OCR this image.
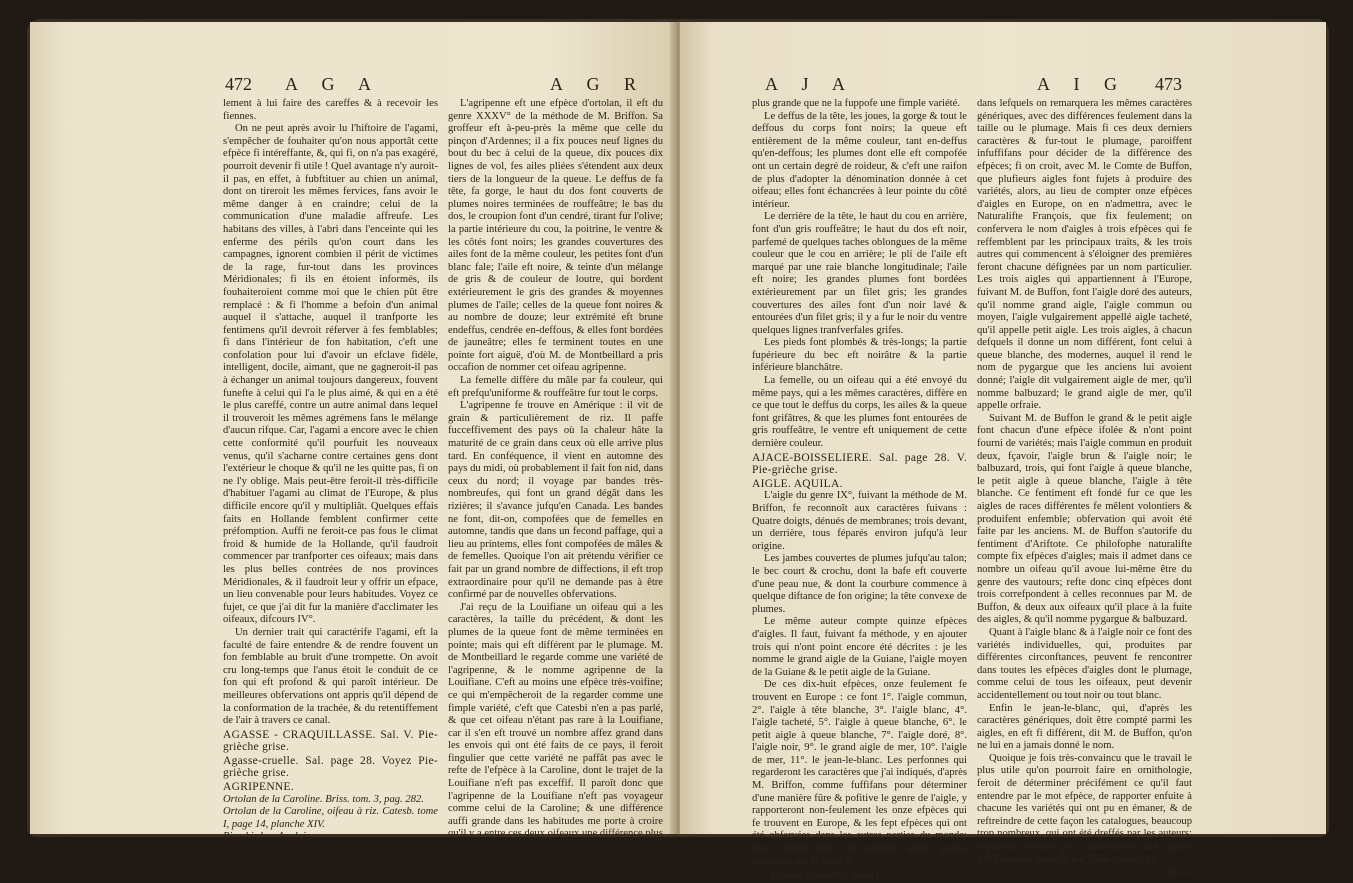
472 A G A	A G R

lement à lui faire des careffes & à recevoir les fiennes.

On ne peut après avoir lu l'hiftoire de l'agami, s'empêcher de fouhaiter qu'on nous apportât cette efpèce fi intéreffante, &, qui fi, on n'a pas exagéré, pourroit devenir fi utile ! Quel avantage n'y auroit-il pas, en effet, à fubftituer au chien un animal, dont on tireroit les mêmes fervices, fans avoir le même danger à en craindre; celui de la communication d'une maladie affreufe. Les habitans des villes, à l'abri dans l'enceinte qui les enferme des périls qu'on court dans les campagnes, ignorent combien il périt de victimes de la rage, fur-tout dans les provinces Méridionales; fi ils en étoient informés, ils fouhaiteroient comme moi que le chien pût être remplacé : & fi l'homme a befoin d'un animal auquel il s'attache, auquel il tranfporte les fentimens qu'il devroit réferver à fes femblables; fi dans l'intérieur de fon habitation, c'eft une confolation pour lui d'avoir un efclave fidèle, intelligent, docile, aimant, que ne gagneroit-il pas à échanger un animal toujours dangereux, fouvent funefte à celui qui l'a le plus aimé, & qui en a été le plus careffé, contre un autre animal dans lequel il trouveroit les mêmes agrémens fans le mélange d'aucun rifque. Car, l'agami a encore avec le chien cette conformité qu'il pourfuit les nouveaux venus, qu'il s'acharne contre certaines gens dont l'extérieur le choque & qu'il ne les quitte pas, fi on ne l'y oblige. Mais peut-être feroit-il très-difficile d'habituer l'agami au climat de l'Europe, & plus difficile encore qu'il y multipliât. Quelques effais faits en Hollande femblent confirmer cette préfomption. Auffi ne feroit-ce pas fous le climat froid & humide de la Hollande, qu'il faudroit commencer par tranfporter ces oifeaux; mais dans les plus belles contrées de nos provinces Méridionales, & il faudroit leur y offrir un efpace, un lieu convenable pour leurs habitudes. Voyez ce fujet, ce que j'ai dit fur la manière d'acclimater les oifeaux, difcours IV°.

Un dernier trait qui caractérife l'agami, eft la faculté de faire entendre & de rendre fouvent un fon femblable au bruit d'une trompette. On avoit cru long-temps que l'anus étoit le conduit de ce fon qui eft profond & qui paroît intérieur. De meilleures obfervations ont appris qu'il dépend de la conformation de la trachée, & du retentiffement de l'air à travers ce canal.

AGASSE - CRAQUILLASSE. Sal. V. Pie-grièche grise.

Agasse-cruelle. Sal. page 28. Voyez Pie-grièche grise.

AGRIPENNE.

Ortolan de la Caroline. Briss. tom. 3, pag. 282.

Ortolan de la Caroline, oifeau à riz. Catesb. tome I, page 14, planche XIV.

Rice-bird en Anglois.

L'agripenne eft une efpèce d'ortolan, il eft du genre XXXV° de la méthode de M. Briffon. Sa groffeur eft à-peu-près la même que celle du pinçon d'Ardennes; il a fix pouces neuf lignes du bout du bec à celui de la queue, dix pouces dix lignes de vol, fes ailes pliées s'étendent aux deux tiers de la longueur de la queue. Le deffus de fa tête, fa gorge, le haut du dos font couverts de plumes noires terminées de rouffeâtre; le bas du dos, le croupion font d'un cendré, tirant fur l'olive; la partie intérieure du cou, la poitrine, le ventre & les côtés font noirs; les grandes couvertures des ailes font de la même couleur, les petites font d'un blanc fale; l'aile eft noire, & teinte d'un mélange de gris & de couleur de loutre, qui bordent extérieurement le gris des grandes & moyennes plumes de l'aile; celles de la queue font noires & au nombre de douze; leur extrémité eft brune endeffus, cendrée en-deffous, & elles font bordées de jauneâtre; elles fe terminent toutes en une pointe fort aiguë, d'où M. de Montbeillard a pris occafion de nommer cet oifeau agripenne.

La femelle diffère du mâle par fa couleur, qui eft prefqu'uniforme & rouffeâtre fur tout le corps.

L'agripenne fe trouve en Amérique : il vit de grain & particulièrement de riz. Il paffe fucceffivement des pays où la chaleur hâte la maturité de ce grain dans ceux où elle arrive plus tard. En conféquence, il vient en automne des pays du midi, où probablement il fait fon nid, dans ceux du nord; il voyage par bandes très-nombreufes, qui font un grand dégât dans les rizières; il s'avance jufqu'en Canada. Les bandes ne font, dit-on, compofées que de femelles en automne, tandis que dans un fecond paffage, qui a lieu au printems, elles font compofées de mâles & de femelles. Quoique l'on ait prétendu vérifier ce fait par un grand nombre de diffections, il eft trop extraordinaire pour qu'il ne demande pas à être confirmé par de nouvelles obfervations.

J'ai reçu de la Louifiane un oifeau qui a les caractères, la taille du précédent, & dont les plumes de la queue font de même terminées en pointe; mais qui eft différent par le plumage. M. de Montbeillard le regarde comme une variété de l'agripenne, & le nomme agripenne de la Louifiane. C'eft au moins une efpèce très-voifine; ce qui m'empêcheroit de la regarder comme une fimple variété, c'eft que Catesbi n'en a pas parlé, & que cet oifeau n'étant pas rare à la Louifiane, car il s'en eft trouvé un nombre affez grand dans les envois qui ont été faits de ce pays, il feroit fingulier que cette variété ne paffât pas avec le refte de l'efpèce à la Caroline, dont le trajet de la Louifiane n'eft pas exceffif. Il paroît donc que l'agripenne de la Louifiane n'eft pas voyageur comme celui de la Caroline; & une différence auffi grande dans les habitudes me porte à croire qu'il y a entre ces deux oifeaux une différence plus

A J A	A I G 473

plus grande que ne la fuppofe une fimple variété.

Le deffus de la tête, les joues, la gorge & tout le deffous du corps font noirs; la queue eft entièrement de la même couleur, tant en-deffus qu'en-deffous; les plumes dont elle eft compofée ont un certain degré de roideur, & c'eft une raifon de plus d'adopter la dénomination donnée à cet oifeau; elles font échancrées à leur pointe du côté intérieur.

Le derrière de la tête, le haut du cou en arrière, font d'un gris rouffeâtre; le haut du dos eft noir, parfemé de quelques taches oblongues de la même couleur que le cou en arrière; le pli de l'aile eft marqué par une raie blanche longitudinale; l'aile eft noire; les grandes plumes font bordées extérieurement par un filet gris; les grandes couvertures des ailes font d'un noir lavé & entourées d'un filet gris; il y a fur le noir du ventre quelques lignes tranfverfales grifes.

Les pieds font plombés & très-longs; la partie fupérieure du bec eft noirâtre & la partie inférieure blanchâtre.

La femelle, ou un oifeau qui a été envoyé du même pays, qui a les mêmes caractères, diffère en ce que tout le deffus du corps, les ailes & la queue font grifâtres, & que les plumes font entourées de gris rouffeâtre, le ventre eft uniquement de cette dernière couleur.

AJACE-BOISSELIERE. Sal. page 28. V. Pie-grièche grise.

AIGLE. AQUILA.

L'aigle du genre IX°, fuivant la méthode de M. Briffon, fe reconnoît aux caractères fuivans : Quatre doigts, dénués de membranes; trois devant, un derrière, tous féparés environ jufqu'à leur origine.

Les jambes couvertes de plumes jufqu'au talon; le bec court & crochu, dont la bafe eft couverte d'une peau nue, & dont la courbure commence à quelque diftance de fon origine; la tête convexe de plumes.

Le même auteur compte quinze efpèces d'aigles. Il faut, fuivant fa méthode, y en ajouter trois qui n'ont point encore été décrites : je les nomme le grand aigle de la Guiane, l'aigle moyen de la Guiane & le petit aigle de la Guiane.

De ces dix-huit efpèces, onze feulement fe trouvent en Europe : ce font 1°. l'aigle commun, 2°. l'aigle à tête blanche, 3°. l'aigle blanc, 4°. l'aigle tacheté, 5°. l'aigle à queue blanche, 6°. le petit aigle à queue blanche, 7°. l'aigle doré, 8°. l'aigle noir, 9°. le grand aigle de mer, 10°. l'aigle de mer, 11°. le jean-le-blanc. Les perfonnes qui regarderont les caractères que j'ai indiqués, d'après M. Briffon, comme fuffifans pour déterminer d'une manière fûre & pofitive le genre de l'aigle, y rapporteront non-feulement les onze efpèces qui fe trouvent en Europe, & les fept efpèces qui ont été obfervées dans les autres parties du monde; mais même tous les oifeaux qu'on pourra connoître par la fuite, &

Hiftoire Naturelle. Tome I.

dans lefquels on remarquera les mêmes caractères génériques, avec des différences feulement dans la taille ou le plumage. Mais fi ces deux derniers caractères & fur-tout le plumage, paroiffent infuffifans pour décider de la différence des efpèces; fi on croit, avec M. le Comte de Buffon, que plufieurs aigles font fujets à produire des variétés, alors, au lieu de compter onze efpèces d'aigles en Europe, on en n'admettra, avec le Naturalifte François, que fix feulement; on confervera le nom d'aigles à trois efpèces qui fe reffemblent par les principaux traits, & les trois autres qui commencent à s'éloigner des premières feront chacune défignées par un nom particulier. Les trois aigles qui appartiennent à l'Europe, fuivant M. de Buffon, font l'aigle doré des auteurs, qu'il nomme grand aigle, l'aigle commun ou moyen, l'aigle vulgairement appellé aigle tacheté, qu'il appelle petit aigle. Les trois aigles, à chacun defquels il donne un nom différent, font celui à queue blanche, des modernes, auquel il rend le nom de pygargue que les anciens lui avoient donné; l'aigle dit vulgairement aigle de mer, qu'il nomme balbuzard; le grand aigle de mer, qu'il appelle orfraie.

Suivant M. de Buffon le grand & le petit aigle font chacun d'une efpèce ifolée & n'ont point fourni de variétés; mais l'aigle commun en produit deux, fçavoir, l'aigle brun & l'aigle noir; le balbuzard, trois, qui font l'aigle à queue blanche, le petit aigle à queue blanche, l'aigle à tête blanche. Ce fentiment eft fondé fur ce que les aigles de races différentes fe mêlent volontiers & produifent enfemble; obfervation qui avoit été faite par les anciens. M. de Buffon s'autorife du fentiment d'Ariftote. Ce philofophe naturalifte compte fix efpèces d'aigles; mais il admet dans ce nombre un oifeau qu'il avoue lui-même être du genre des vautours; refte donc cinq efpèces dont trois correfpondent à celles reconnues par M. de Buffon, & deux aux oifeaux qu'il place à la fuite des aigles, & qu'il nomme pygargue & balbuzard.

Quant à l'aigle blanc & à l'aigle noir ce font des variétés individuelles, qui, produites par différentes circonftances, peuvent fe rencontrer dans toutes les efpèces d'aigles dont le plumage, comme celui de tous les oifeaux, peut devenir accidentellement ou tout noir ou tout blanc.

Enfin le jean-le-blanc, qui, d'après les caractères génériques, doit être compté parmi les aigles, en eft fi différent, dit M. de Buffon, qu'on ne lui en a jamais donné le nom.

Quoique je fois très-convaincu que le travail le plus utile qu'on pourroit faire en ornithologie, feroit de déterminer précifément ce qu'il faut entendre par le mot efpèce, de rapporter enfuite à chacune les variétés qui ont pu en émaner, & de reftreindre de cette façon les catalogues, beaucoup trop nombreux, qui ont été dreffés par les auteurs; cependant n'étant pas, relativement aux aigles, fuffifamment autorifé par l'obfervation, en

O o o
